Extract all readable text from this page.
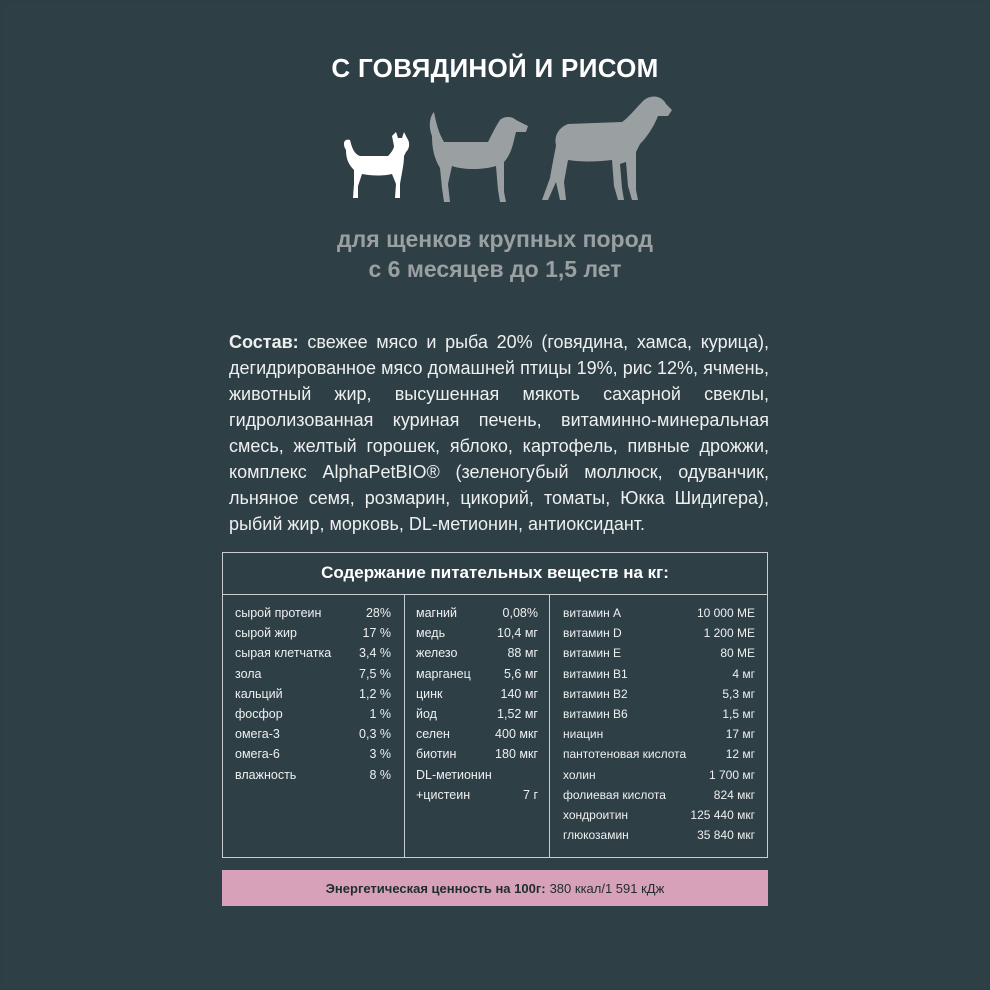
С ГОВЯДИНОЙ И РИСОМ
для щенков крупных пород
с 6 месяцев до 1,5 лет

Состав: свежее мясо и рыба 20% (говядина, хамса, курица), дегидрированное мясо домашней птицы 19%, рис 12%, ячмень, животный жир, высушенная мякоть сахарной свеклы, гидролизованная куриная печень, витаминно-минеральная смесь, желтый горошек, яблоко, картофель, пивные дрожжи, комплекс AlphaPetBIO® (зеленогубый моллюск, одуванчик, льняное семя, розмарин, цикорий, томаты, Юкка Шидигера), рыбий жир, морковь, DL-метионин, антиоксидант.

Содержание питательных веществ на кг:
сырой протеин	28%
сырой жир	17 %
сырая клетчатка 3,4 %
зола	7,5 %
кальций	1,2 %
фосфор	1 %
омега-3	0,3 %
омега-6	3 %
влажность	8 %
магний	0,08%
медь	10,4 мг
железо	88 мг
марганец	5,6 мг
цинк	140 мг
йод	1,52 мг
селен	400 мкг
биотин	180 мкг
DL-метионин
+цистеин	7 г
витамин А	10 000 МЕ
витамин D	1 200 МЕ
витамин Е	80 МЕ
витамин В1	4 мг
витамин В2	5,3 мг
витамин В6	1,5 мг
ниацин	17 мг
пантотеновая кислота	12 мг
холин	1 700 мг
фолиевая кислота	824 мкг
хондроитин	125 440 мкг
глюкозамин	35 840 мкг
Энергетическая ценность на 100г: 380 ккал/1 591 кДж
